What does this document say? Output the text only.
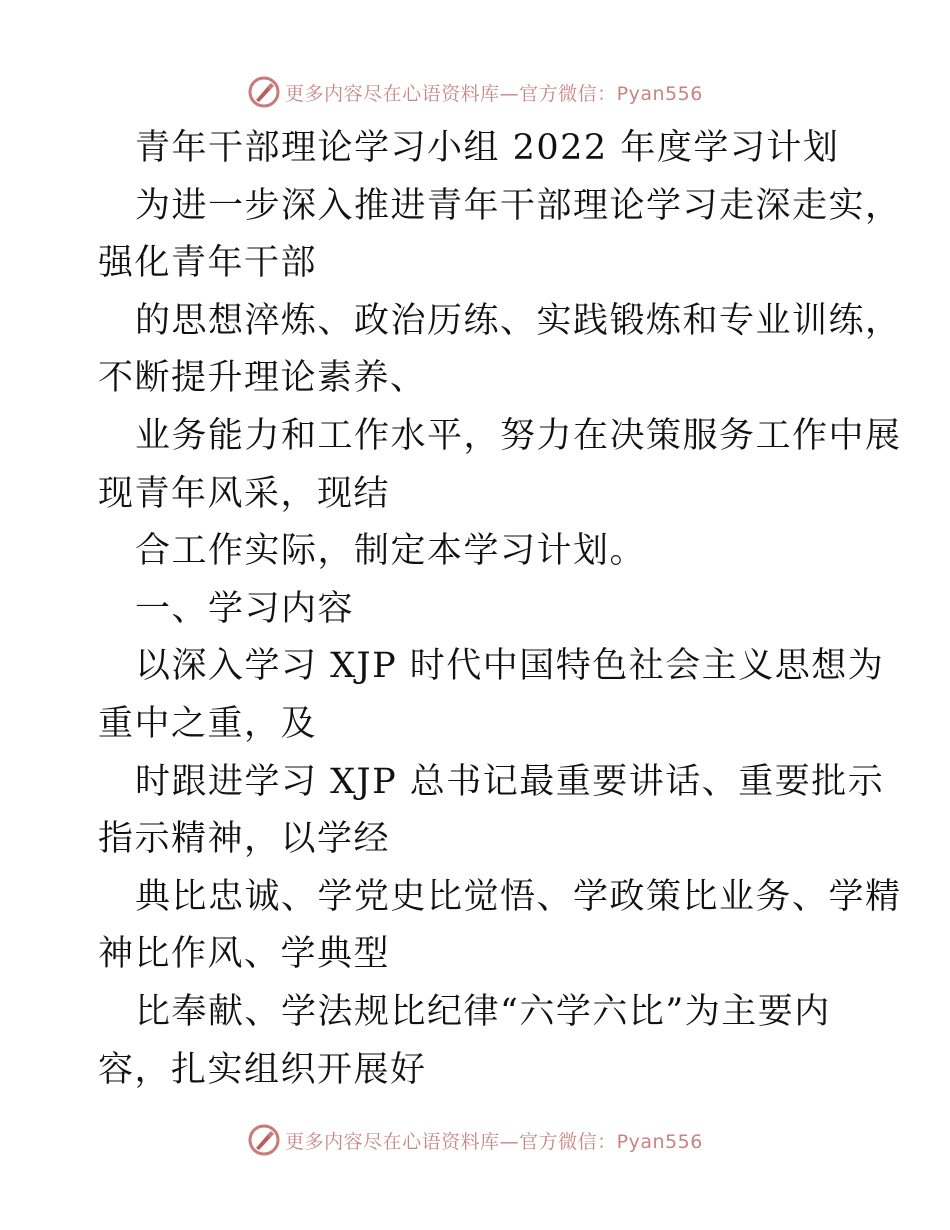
更多内容尽在心语资料库—官方微信：Pyan556
青年干部理论学习小组 2022 年度学习计划
为进一步深入推进青年干部理论学习走深走实，
强化青年干部
的思想淬炼、政治历练、实践锻炼和专业训练，
不断提升理论素养、
业务能力和工作水平，努力在决策服务工作中展
现青年风采，现结
合工作实际，制定本学习计划。
一、学习内容
以深入学习 XJP 时代中国特色社会主义思想为
重中之重，及
时跟进学习 XJP 总书记最重要讲话、重要批示
指示精神，以学经
典比忠诚、学党史比觉悟、学政策比业务、学精
神比作风、学典型
比奉献、学法规比纪律“六学六比”为主要内
容，扎实组织开展好
更多内容尽在心语资料库—官方微信：Pyan556
